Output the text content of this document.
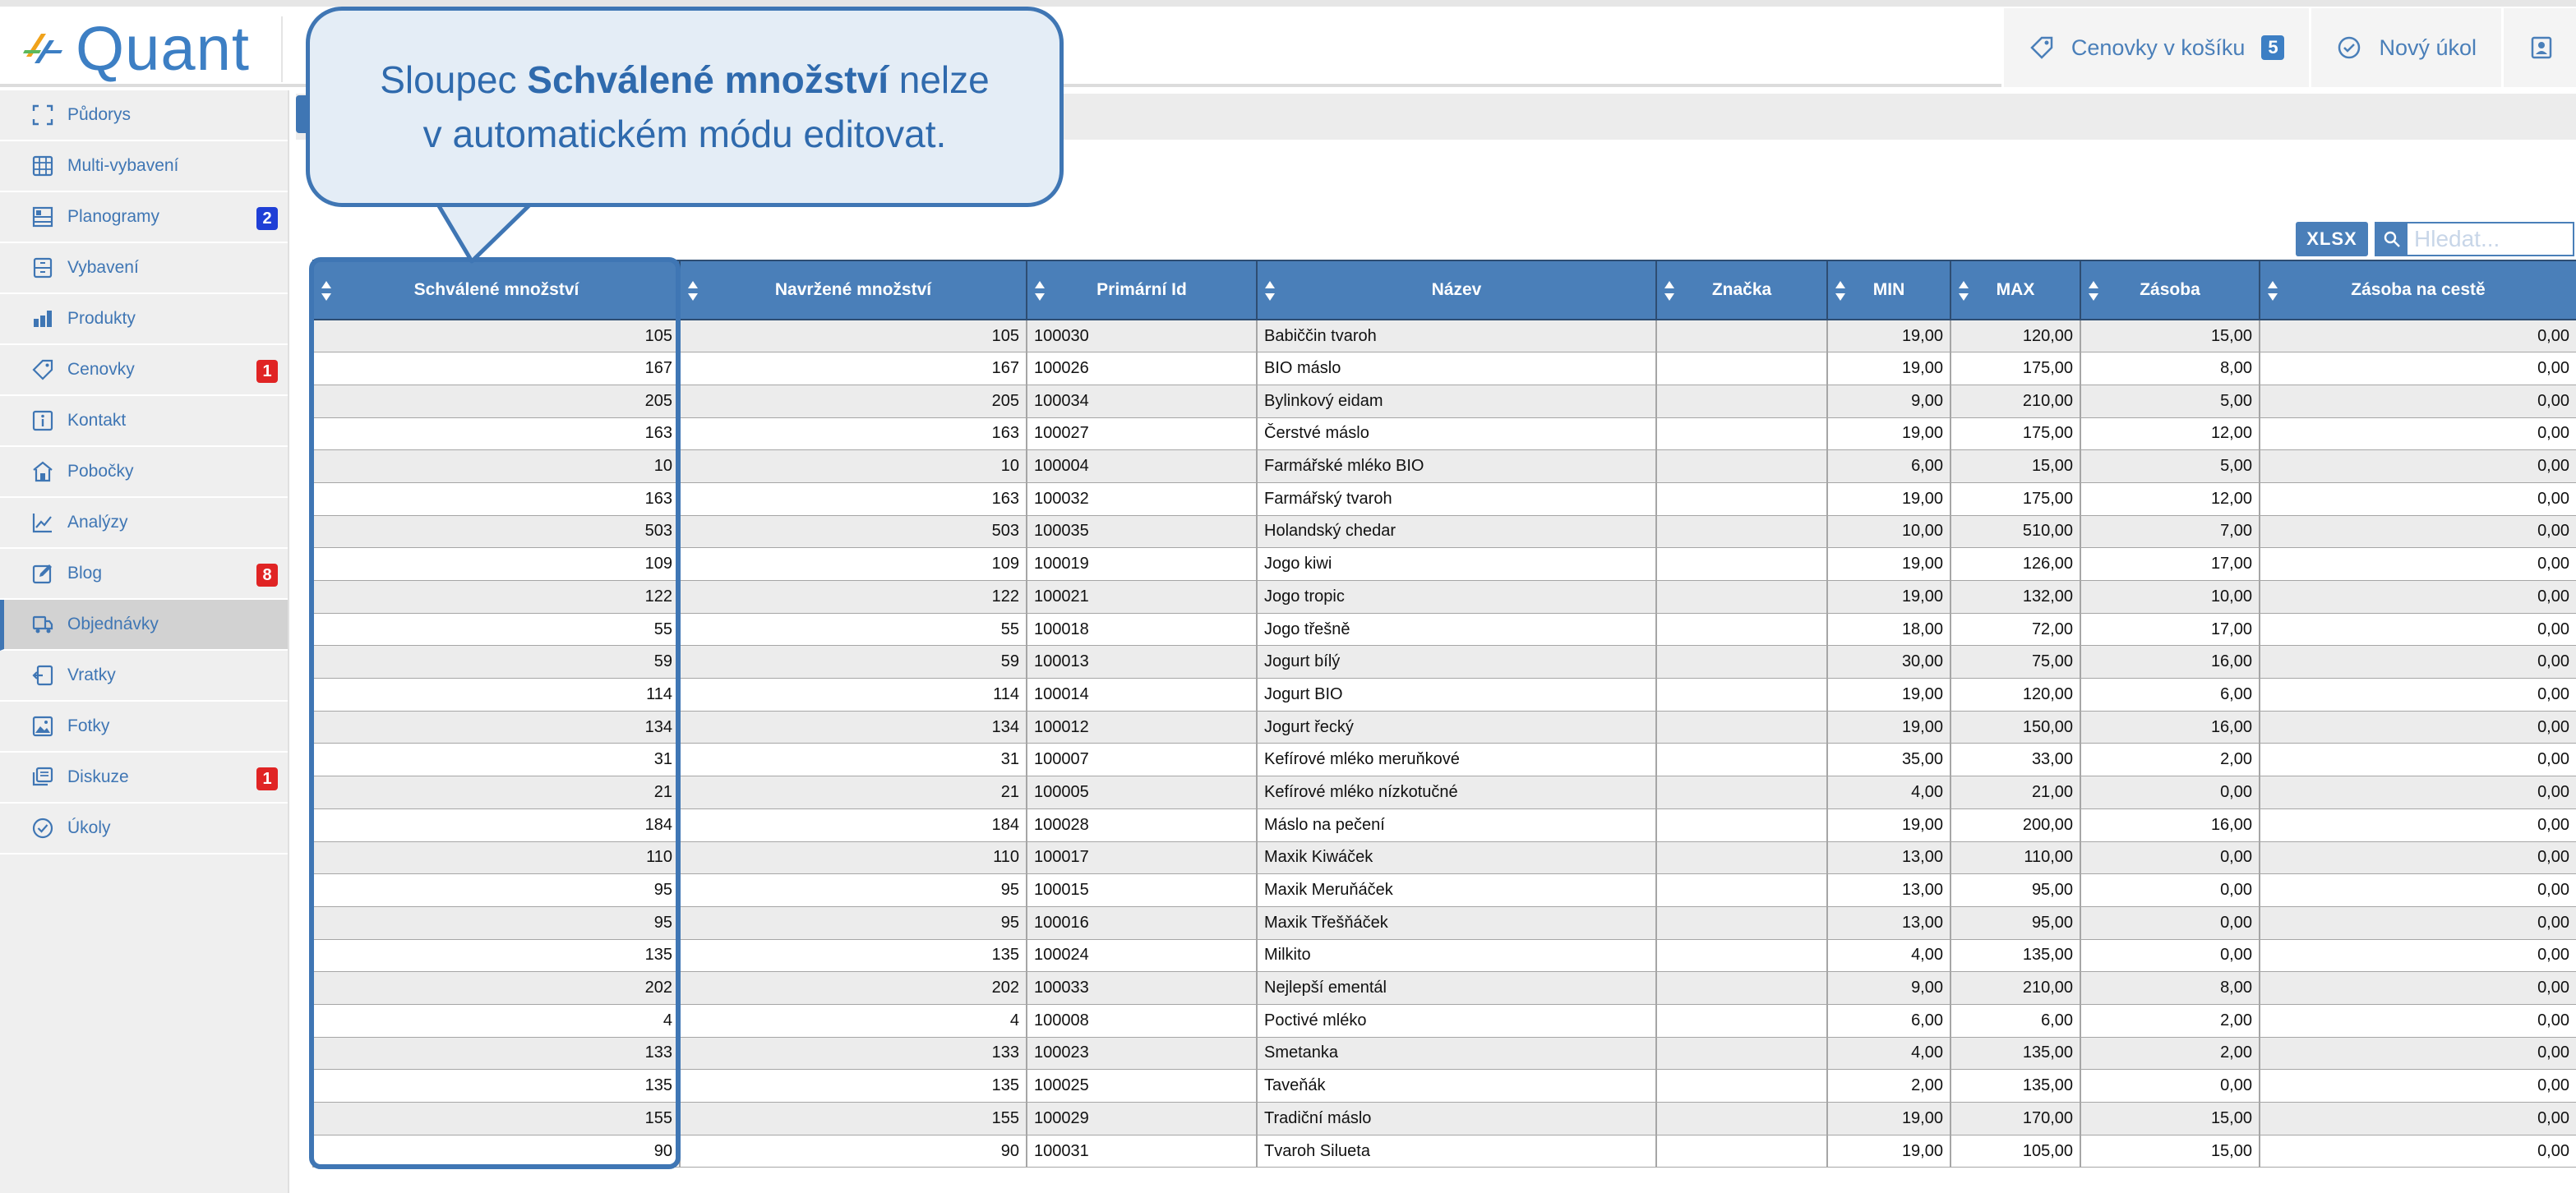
Quant	Cenovky v košíku	5	Nový úkol
Půdorys
Multi-vybavení
Planogramy	2
Vybavení
Produkty
Cenovky	1
Kontakt
Pobočky
Analýzy
Blog	8
Objednávky
Vratky
Fotky
Diskuze	1
Úkoly
XLSX
Hledat...
Schválené množství	Navržené množství	Primární Id	Název	Značka	MIN	MAX	Zásoba	Zásoba na cestě
105	105	100030	Babiččin tvaroh		19,00	120,00	15,00	0,00
167	167	100026	BIO máslo		19,00	175,00	8,00	0,00
205	205	100034	Bylinkový eidam		9,00	210,00	5,00	0,00
163	163	100027	Čerstvé máslo		19,00	175,00	12,00	0,00
10	10	100004	Farmářské mléko BIO		6,00	15,00	5,00	0,00
163	163	100032	Farmářský tvaroh		19,00	175,00	12,00	0,00
503	503	100035	Holandský chedar		10,00	510,00	7,00	0,00
109	109	100019	Jogo kiwi		19,00	126,00	17,00	0,00
122	122	100021	Jogo tropic		19,00	132,00	10,00	0,00
55	55	100018	Jogo třešně		18,00	72,00	17,00	0,00
59	59	100013	Jogurt bílý		30,00	75,00	16,00	0,00
114	114	100014	Jogurt BIO		19,00	120,00	6,00	0,00
134	134	100012	Jogurt řecký		19,00	150,00	16,00	0,00
31	31	100007	Kefírové mléko meruňkové		35,00	33,00	2,00	0,00
21	21	100005	Kefírové mléko nízkotučné		4,00	21,00	0,00	0,00
184	184	100028	Máslo na pečení		19,00	200,00	16,00	0,00
110	110	100017	Maxik Kiwáček		13,00	110,00	0,00	0,00
95	95	100015	Maxik Meruňáček		13,00	95,00	0,00	0,00
95	95	100016	Maxik Třešňáček		13,00	95,00	0,00	0,00
135	135	100024	Milkito		4,00	135,00	0,00	0,00
202	202	100033	Nejlepší ementál		9,00	210,00	8,00	0,00
4	4	100008	Poctivé mléko		6,00	6,00	2,00	0,00
133	133	100023	Smetanka		4,00	135,00	2,00	0,00
135	135	100025	Taveňák		2,00	135,00	0,00	0,00
155	155	100029	Tradiční máslo		19,00	170,00	15,00	0,00
90	90	100031	Tvaroh Silueta		19,00	105,00	15,00	0,00
Sloupec Schválené množství nelze
v automatickém módu editovat.
